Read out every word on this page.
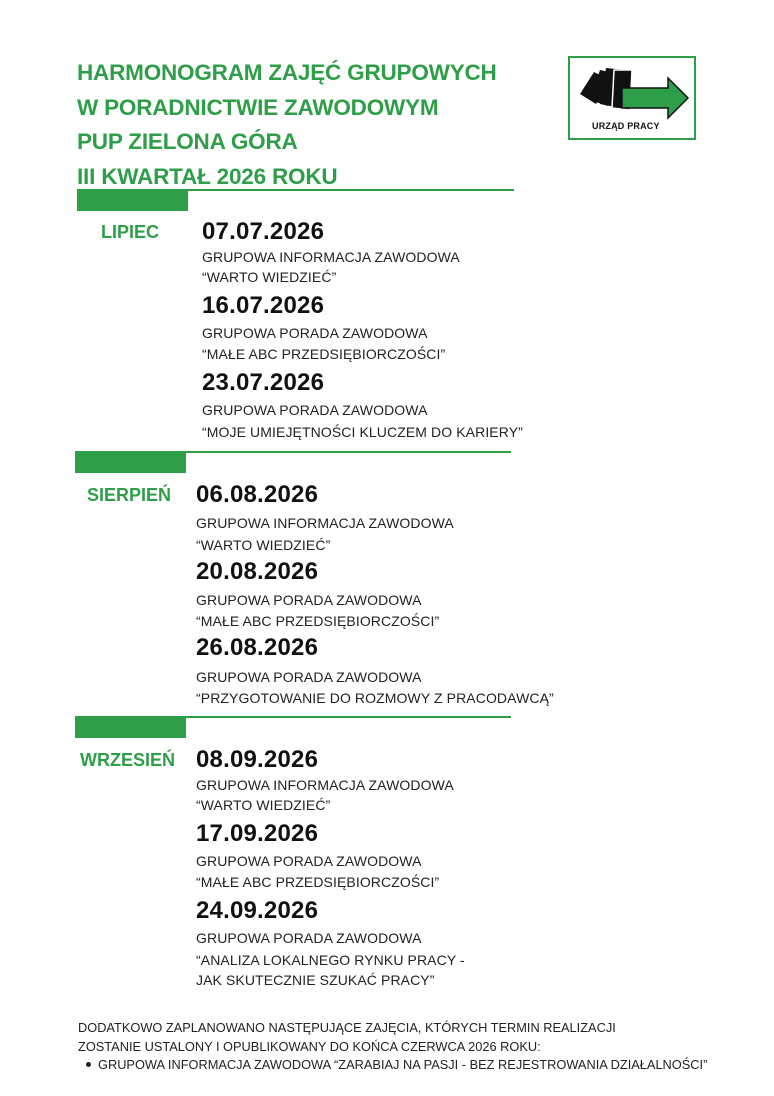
HARMONOGRAM ZAJĘĆ GRUPOWYCH
W PORADNICTWIE ZAWODOWYM
PUP ZIELONA GÓRA
III KWARTAŁ 2026 ROKU
URZĄD PRACY
LIPIEC 07.07.2026
GRUPOWA INFORMACJA ZAWODOWA
“WARTO WIEDZIEĆ”
16.07.2026
GRUPOWA PORADA ZAWODOWA
“MAŁE ABC PRZEDSIĘBIORCZOŚCI”
23.07.2026
GRUPOWA PORADA ZAWODOWA
“MOJE UMIEJĘTNOŚCI KLUCZEM DO KARIERY”
SIERPIEŃ 06.08.2026
GRUPOWA INFORMACJA ZAWODOWA
“WARTO WIEDZIEĆ”
20.08.2026
GRUPOWA PORADA ZAWODOWA
“MAŁE ABC PRZEDSIĘBIORCZOŚCI”
26.08.2026
GRUPOWA PORADA ZAWODOWA
“PRZYGOTOWANIE DO ROZMOWY Z PRACODAWCĄ”
WRZESIEŃ 08.09.2026
GRUPOWA INFORMACJA ZAWODOWA
“WARTO WIEDZIEĆ”
17.09.2026
GRUPOWA PORADA ZAWODOWA
“MAŁE ABC PRZEDSIĘBIORCZOŚCI”
24.09.2026
GRUPOWA PORADA ZAWODOWA
“ANALIZA LOKALNEGO RYNKU PRACY -
JAK SKUTECZNIE SZUKAĆ PRACY”
DODATKOWO ZAPLANOWANO NASTĘPUJĄCE ZAJĘCIA, KTÓRYCH TERMIN REALIZACJI
ZOSTANIE USTALONY I OPUBLIKOWANY DO KOŃCA CZERWCA 2026 ROKU:
GRUPOWA INFORMACJA ZAWODOWA “ZARABIAJ NA PASJI - BEZ REJESTROWANIA DZIAŁALNOŚCI”
